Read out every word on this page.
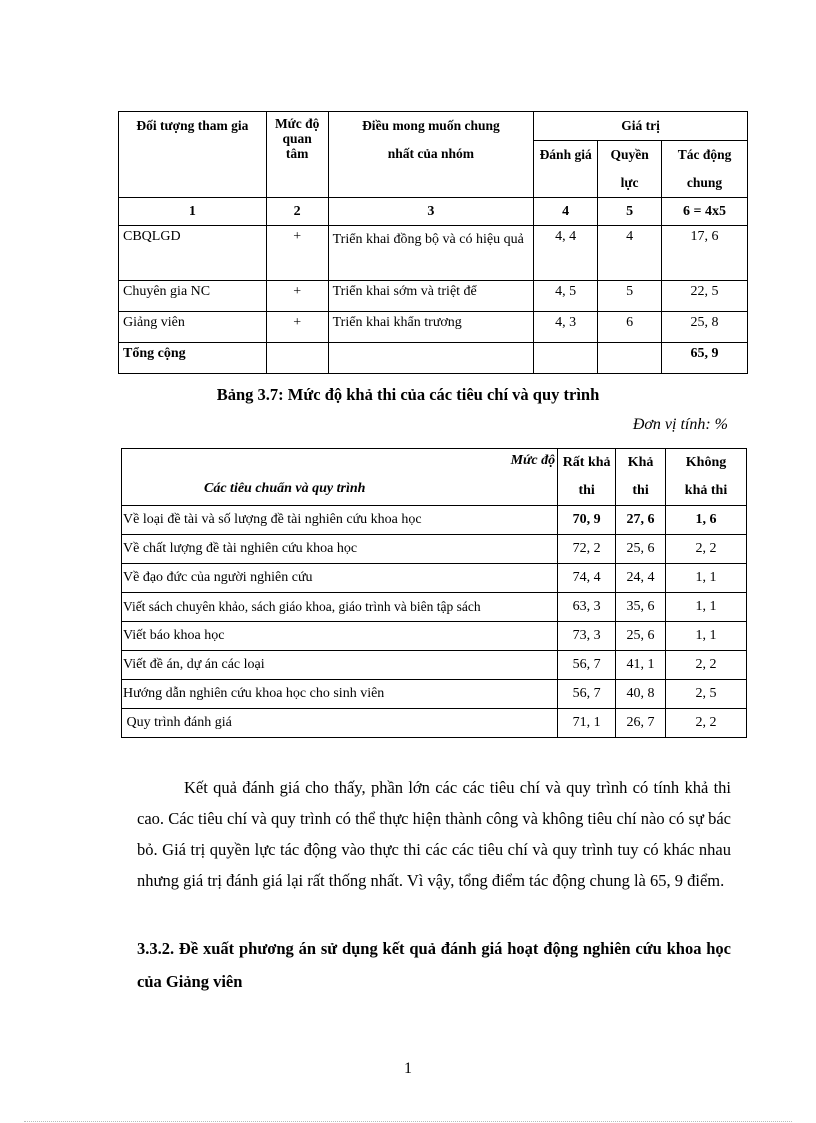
Đối tượng tham gia	Mức độ quan tâm	Điều mong muốn chung nhất của nhóm	Giá trị		
			Đánh giá	Quyền lực	Tác động chung
1	2	3	4	5	6 = 4x5
CBQLGD	+	Triển khai đồng bộ và có hiệu quả	4, 4	4	17, 6
Chuyên gia NC	+	Triển khai sớm và triệt để	4, 5	5	22, 5
Giảng viên	+	Triển khai khẩn trương	4, 3	6	25, 8
Tổng cộng					65, 9
Bảng 3.7: Mức độ khả thi của các tiêu chí và quy trình
Đơn vị tính: %
Mức độ
Các tiêu chuẩn và quy trình	Rất khả thi	Khả thi	Không khả thi
Về loại đề tài và số lượng đề tài nghiên cứu khoa học	70, 9	27, 6	1, 6
Về chất lượng đề tài nghiên cứu khoa học	72, 2	25, 6	2, 2
Về đạo đức của người nghiên cứu	74, 4	24, 4	1, 1
Viết sách chuyên khảo, sách giáo khoa, giáo trình và biên tập sách	63, 3	35, 6	1, 1
Viết báo khoa học	73, 3	25, 6	1, 1
Viết đề án, dự án các loại	56, 7	41, 1	2, 2
Hướng dẫn nghiên cứu khoa học cho sinh viên	56, 7	40, 8	2, 5
Quy trình đánh giá	71, 1	26, 7	2, 2
Kết quả đánh giá cho thấy, phần lớn các các tiêu chí và quy trình có tính khả thi cao. Các tiêu chí và quy trình có thể thực hiện thành công và không tiêu chí nào có sự bác bỏ. Giá trị quyền lực tác động vào thực thi các các tiêu chí và quy trình tuy có khác nhau nhưng giá trị đánh giá lại rất thống nhất. Vì vậy, tổng điểm tác động chung là 65, 9 điểm.
3.3.2. Đề xuất phương án sử dụng kết quả đánh giá hoạt động nghiên cứu khoa học của Giảng viên
1
